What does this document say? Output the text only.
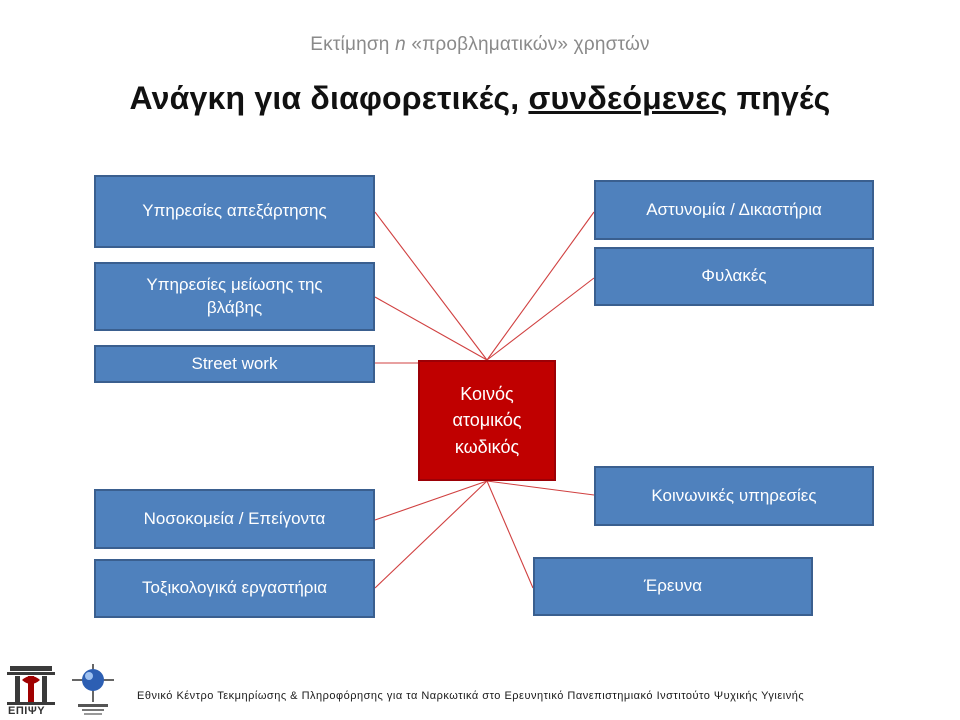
Εκτίμηση n «προβληματικών» χρηστών
Ανάγκη για διαφορετικές, συνδεόμενες πηγές
Υπηρεσίες απεξάρτησης
Υπηρεσίες μείωσης της βλάβης
Street work
Νοσοκομεία / Επείγοντα
Τοξικολογικά εργαστήρια
Αστυνομία / Δικαστήρια
Φυλακές
Κοινωνικές υπηρεσίες
Έρευνα
Κοινός
ατομικός
κωδικός
ΕΠΙΨΥ
Εθνικό Κέντρο Τεκμηρίωσης & Πληροφόρησης για τα Ναρκωτικά στο Ερευνητικό Πανεπιστημιακό Ινστιτούτο Ψυχικής Υγιεινής
